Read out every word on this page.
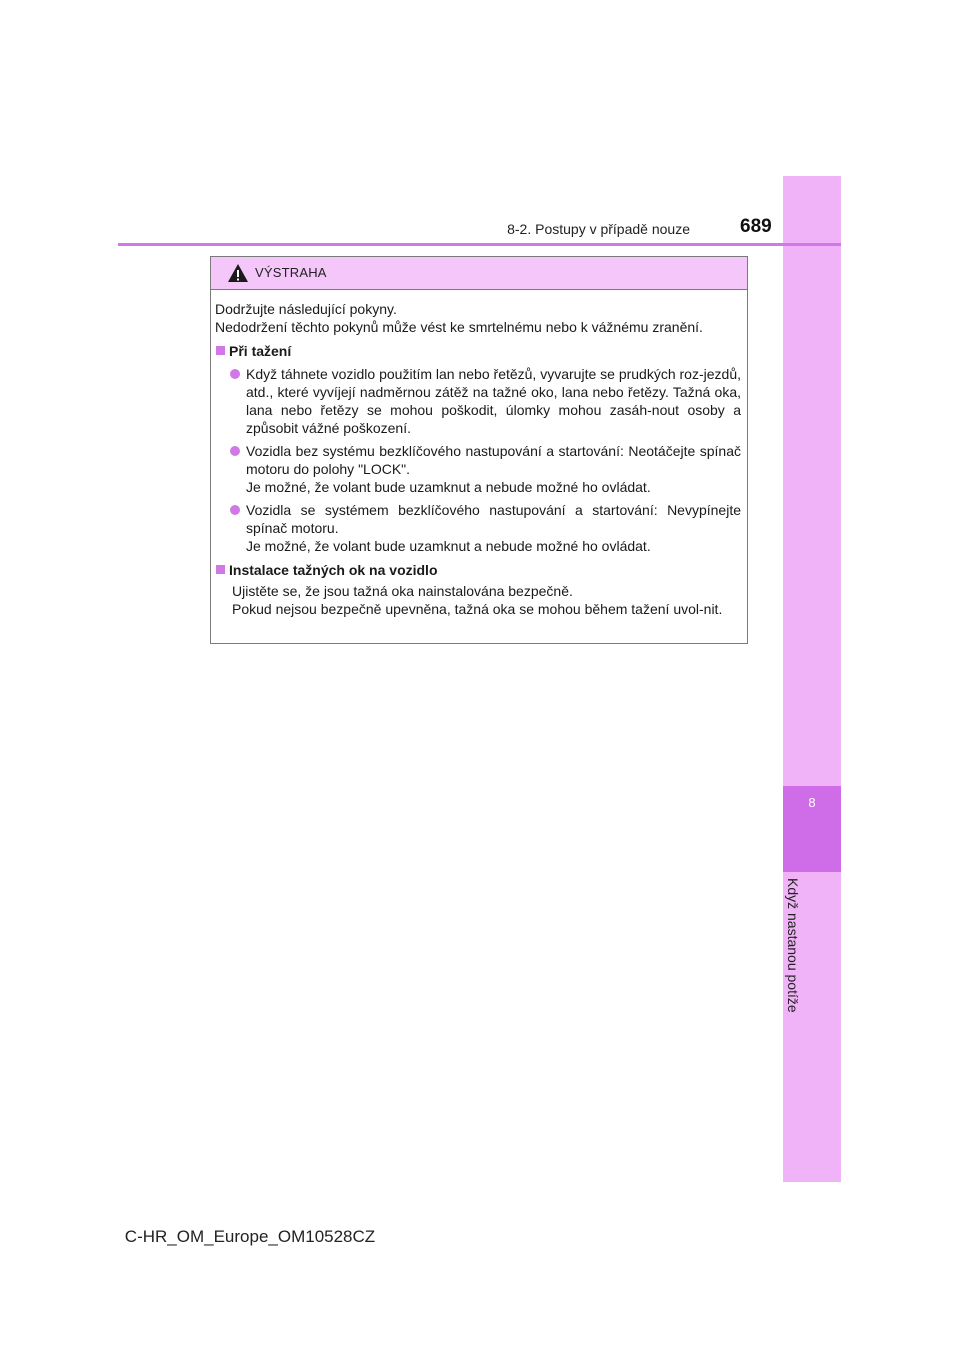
8
Když nastanou potíže
8-2. Postupy v případě nouze	689
VÝSTRAHA

Dodržujte následující pokyny.

Nedodržení těchto pokynů může vést ke smrtelnému nebo k vážnému zranění.

Při tažení

Když táhnete vozidlo použitím lan nebo řetězů, vyvarujte se prudkých roz-jezdů, atd., které vyvíjejí nadměrnou zátěž na tažné oko, lana nebo řetězy. Tažná oka, lana nebo řetězy se mohou poškodit, úlomky mohou zasáh-nout osoby a způsobit vážné poškození.

Vozidla bez systému bezklíčového nastupování a startování: Neotáčejte spínač motoru do polohy "LOCK".

Je možné, že volant bude uzamknut a nebude možné ho ovládat.

Vozidla se systémem bezklíčového nastupování a startování: Nevypínejte spínač motoru.

Je možné, že volant bude uzamknut a nebude možné ho ovládat.

Instalace tažných ok na vozidlo

Ujistěte se, že jsou tažná oka nainstalována bezpečně.

Pokud nejsou bezpečně upevněna, tažná oka se mohou během tažení uvol-nit.

C-HR_OM_Europe_OM10528CZ
